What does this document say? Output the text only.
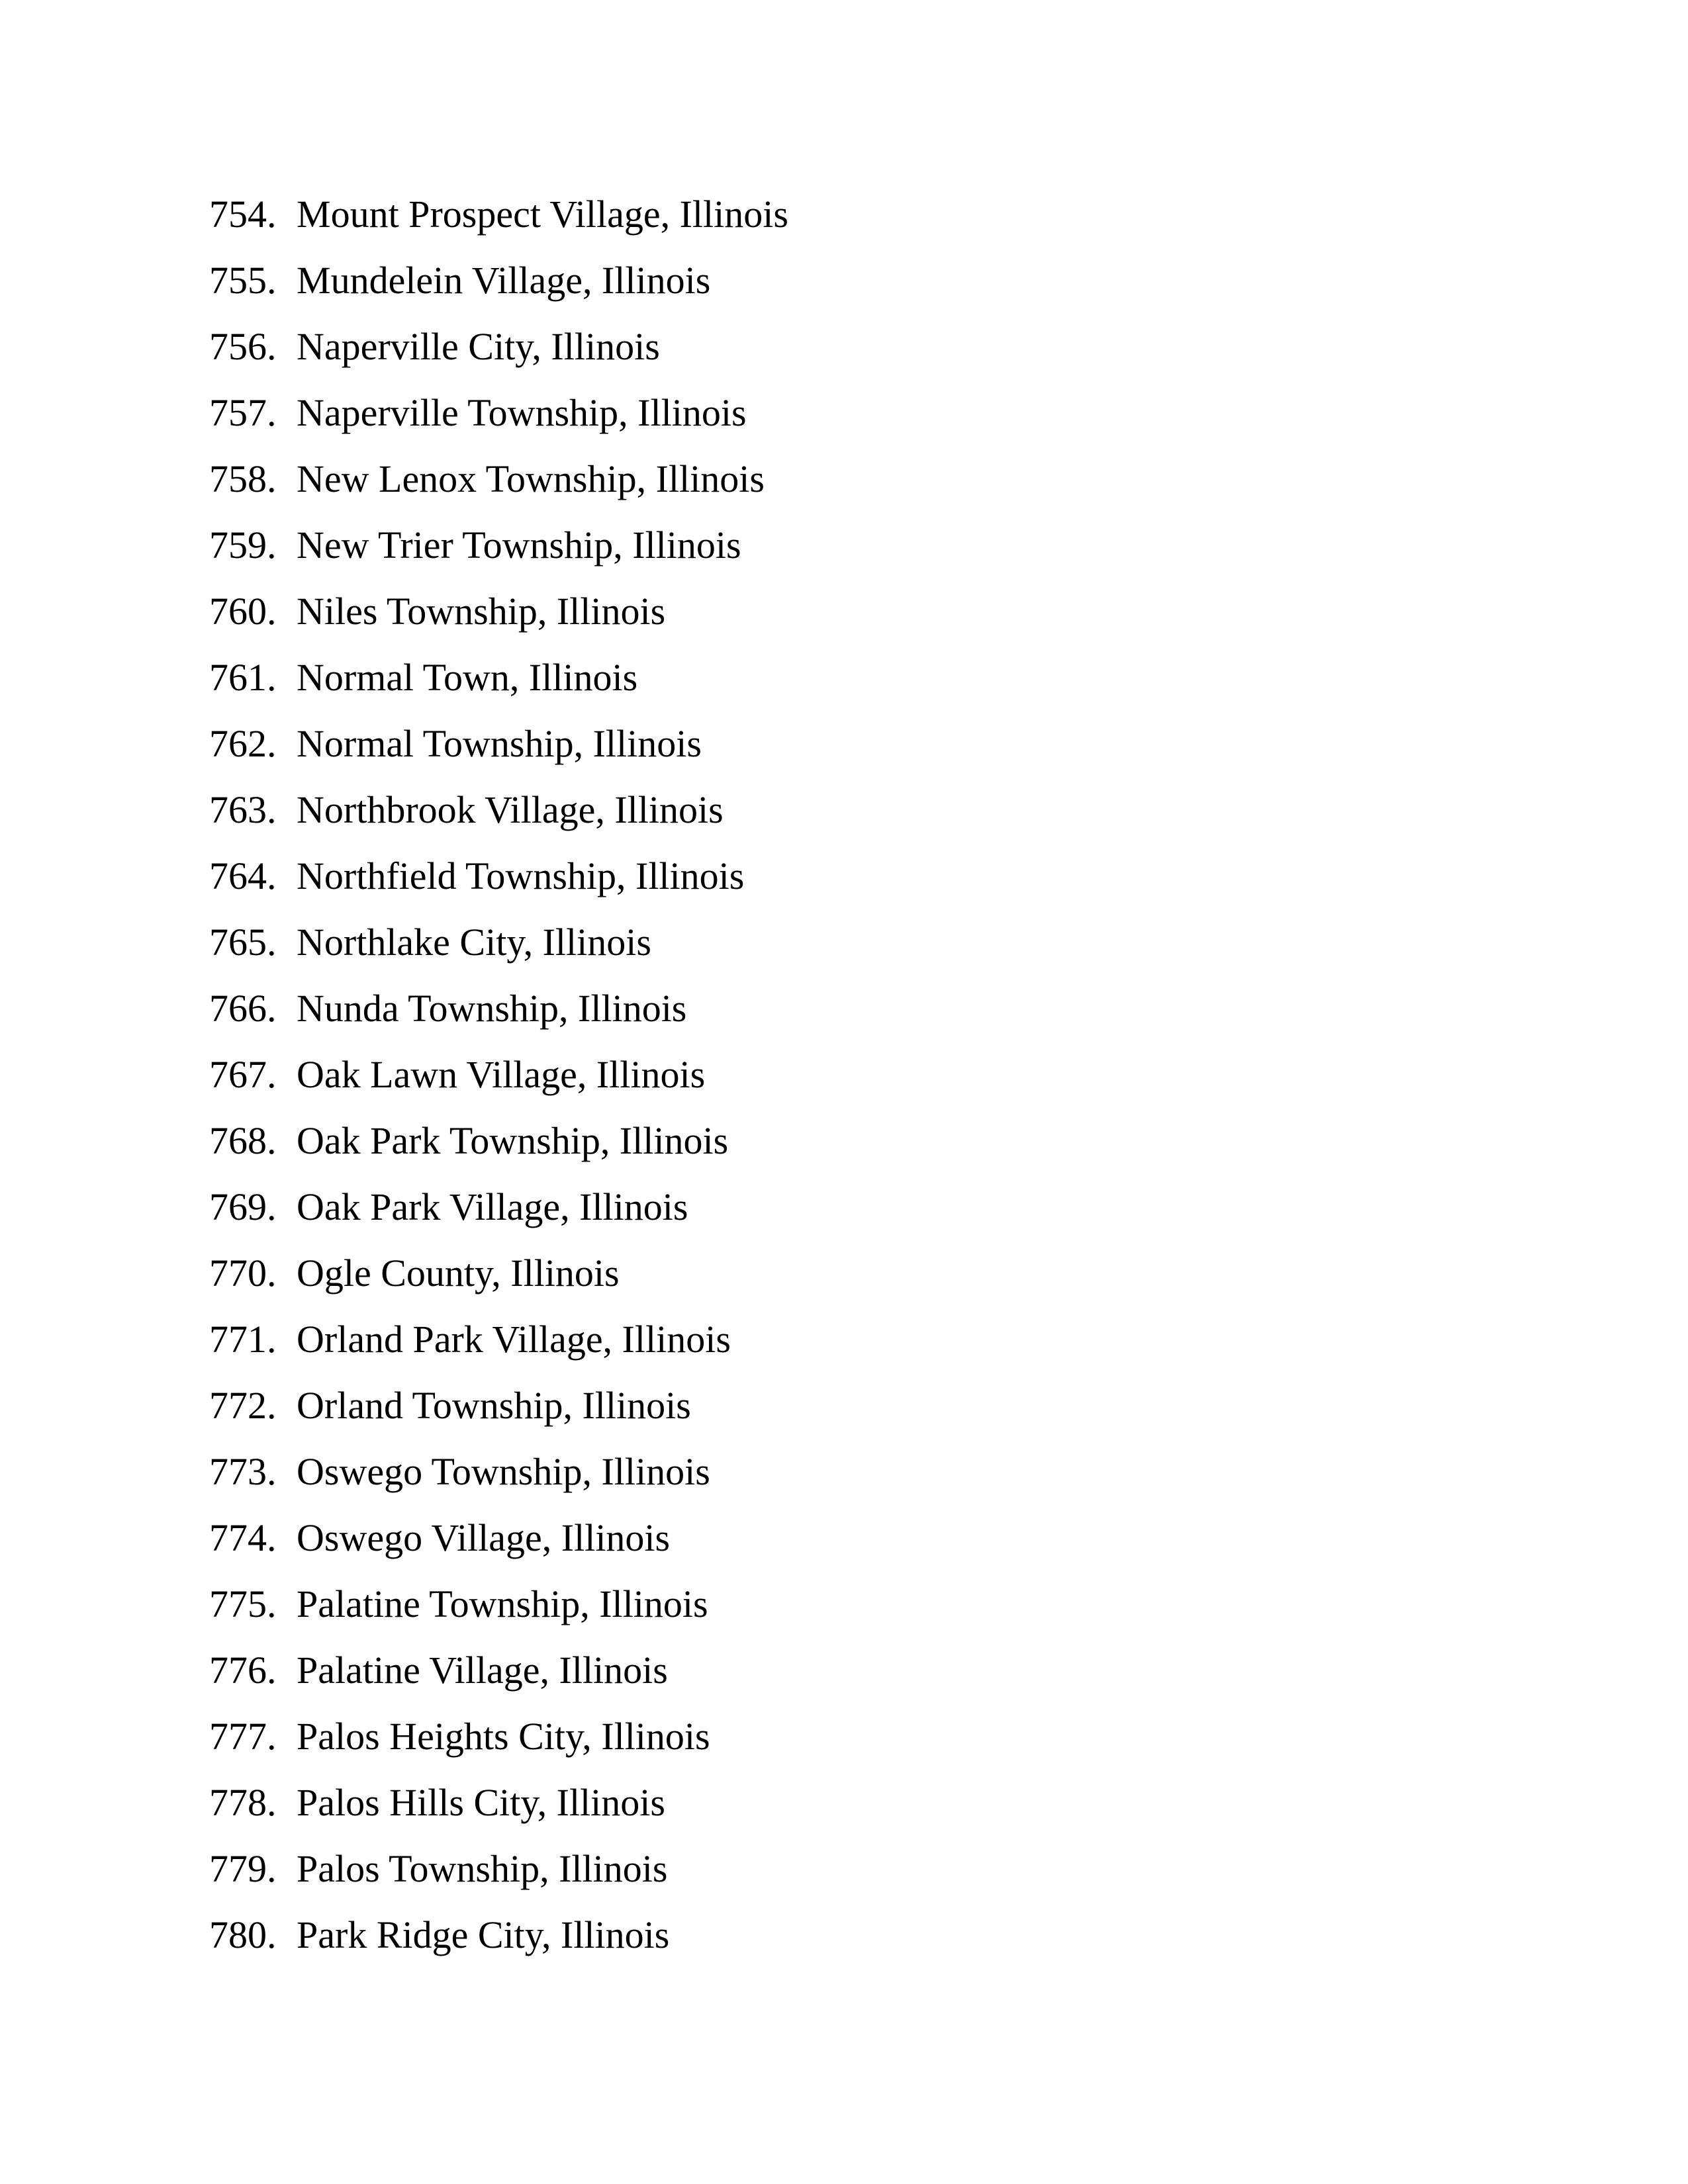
754. Mount Prospect Village, Illinois
755. Mundelein Village, Illinois
756. Naperville City, Illinois
757. Naperville Township, Illinois
758. New Lenox Township, Illinois
759. New Trier Township, Illinois
760. Niles Township, Illinois
761. Normal Town, Illinois
762. Normal Township, Illinois
763. Northbrook Village, Illinois
764. Northfield Township, Illinois
765. Northlake City, Illinois
766. Nunda Township, Illinois
767. Oak Lawn Village, Illinois
768. Oak Park Township, Illinois
769. Oak Park Village, Illinois
770. Ogle County, Illinois
771. Orland Park Village, Illinois
772. Orland Township, Illinois
773. Oswego Township, Illinois
774. Oswego Village, Illinois
775. Palatine Township, Illinois
776. Palatine Village, Illinois
777. Palos Heights City, Illinois
778. Palos Hills City, Illinois
779. Palos Township, Illinois
780. Park Ridge City, Illinois
